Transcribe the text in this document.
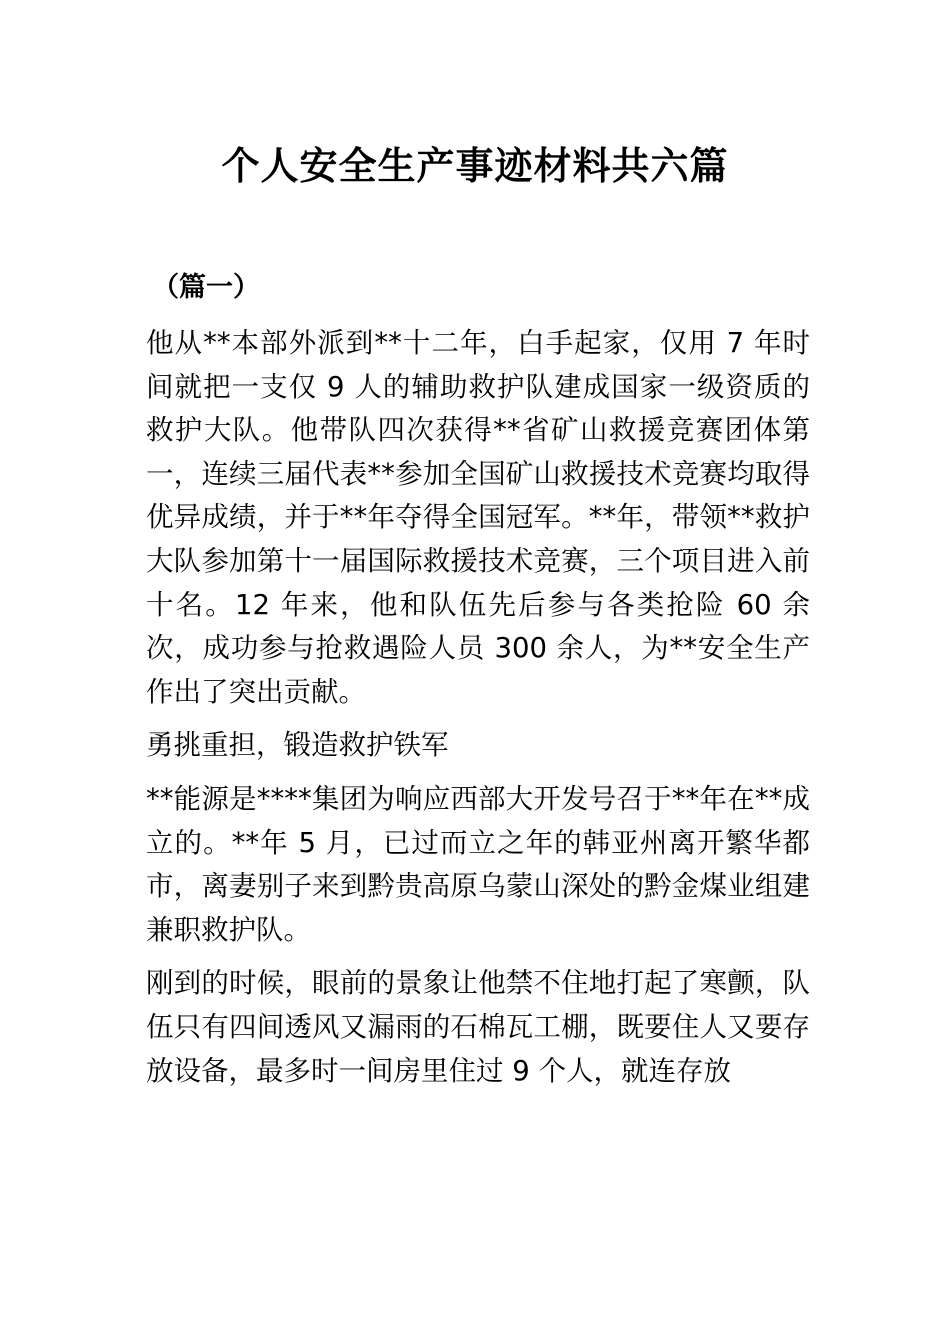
个人安全生产事迹材料共六篇
（篇一）

他从**本部外派到**十二年，白手起家，仅用 7 年时间就把一支仅 9 人的辅助救护队建成国家一级资质的救护大队。他带队四次获得**省矿山救援竞赛团体第一，连续三届代表**参加全国矿山救援技术竞赛均取得优异成绩，并于**年夺得全国冠军。**年，带领**救护大队参加第十一届国际救援技术竞赛，三个项目进入前十名。12 年来，他和队伍先后参与各类抢险 60 余次，成功参与抢救遇险人员 300 余人，为**安全生产作出了突出贡献。

勇挑重担，锻造救护铁军

**能源是****集团为响应西部大开发号召于**年在**成立的。**年 5 月，已过而立之年的韩亚州离开繁华都市，离妻别子来到黔贵高原乌蒙山深处的黔金煤业组建兼职救护队。

刚到的时候，眼前的景象让他禁不住地打起了寒颤，队伍只有四间透风又漏雨的石棉瓦工棚，既要住人又要存放设备，最多时一间房里住过 9 个人，就连存放
